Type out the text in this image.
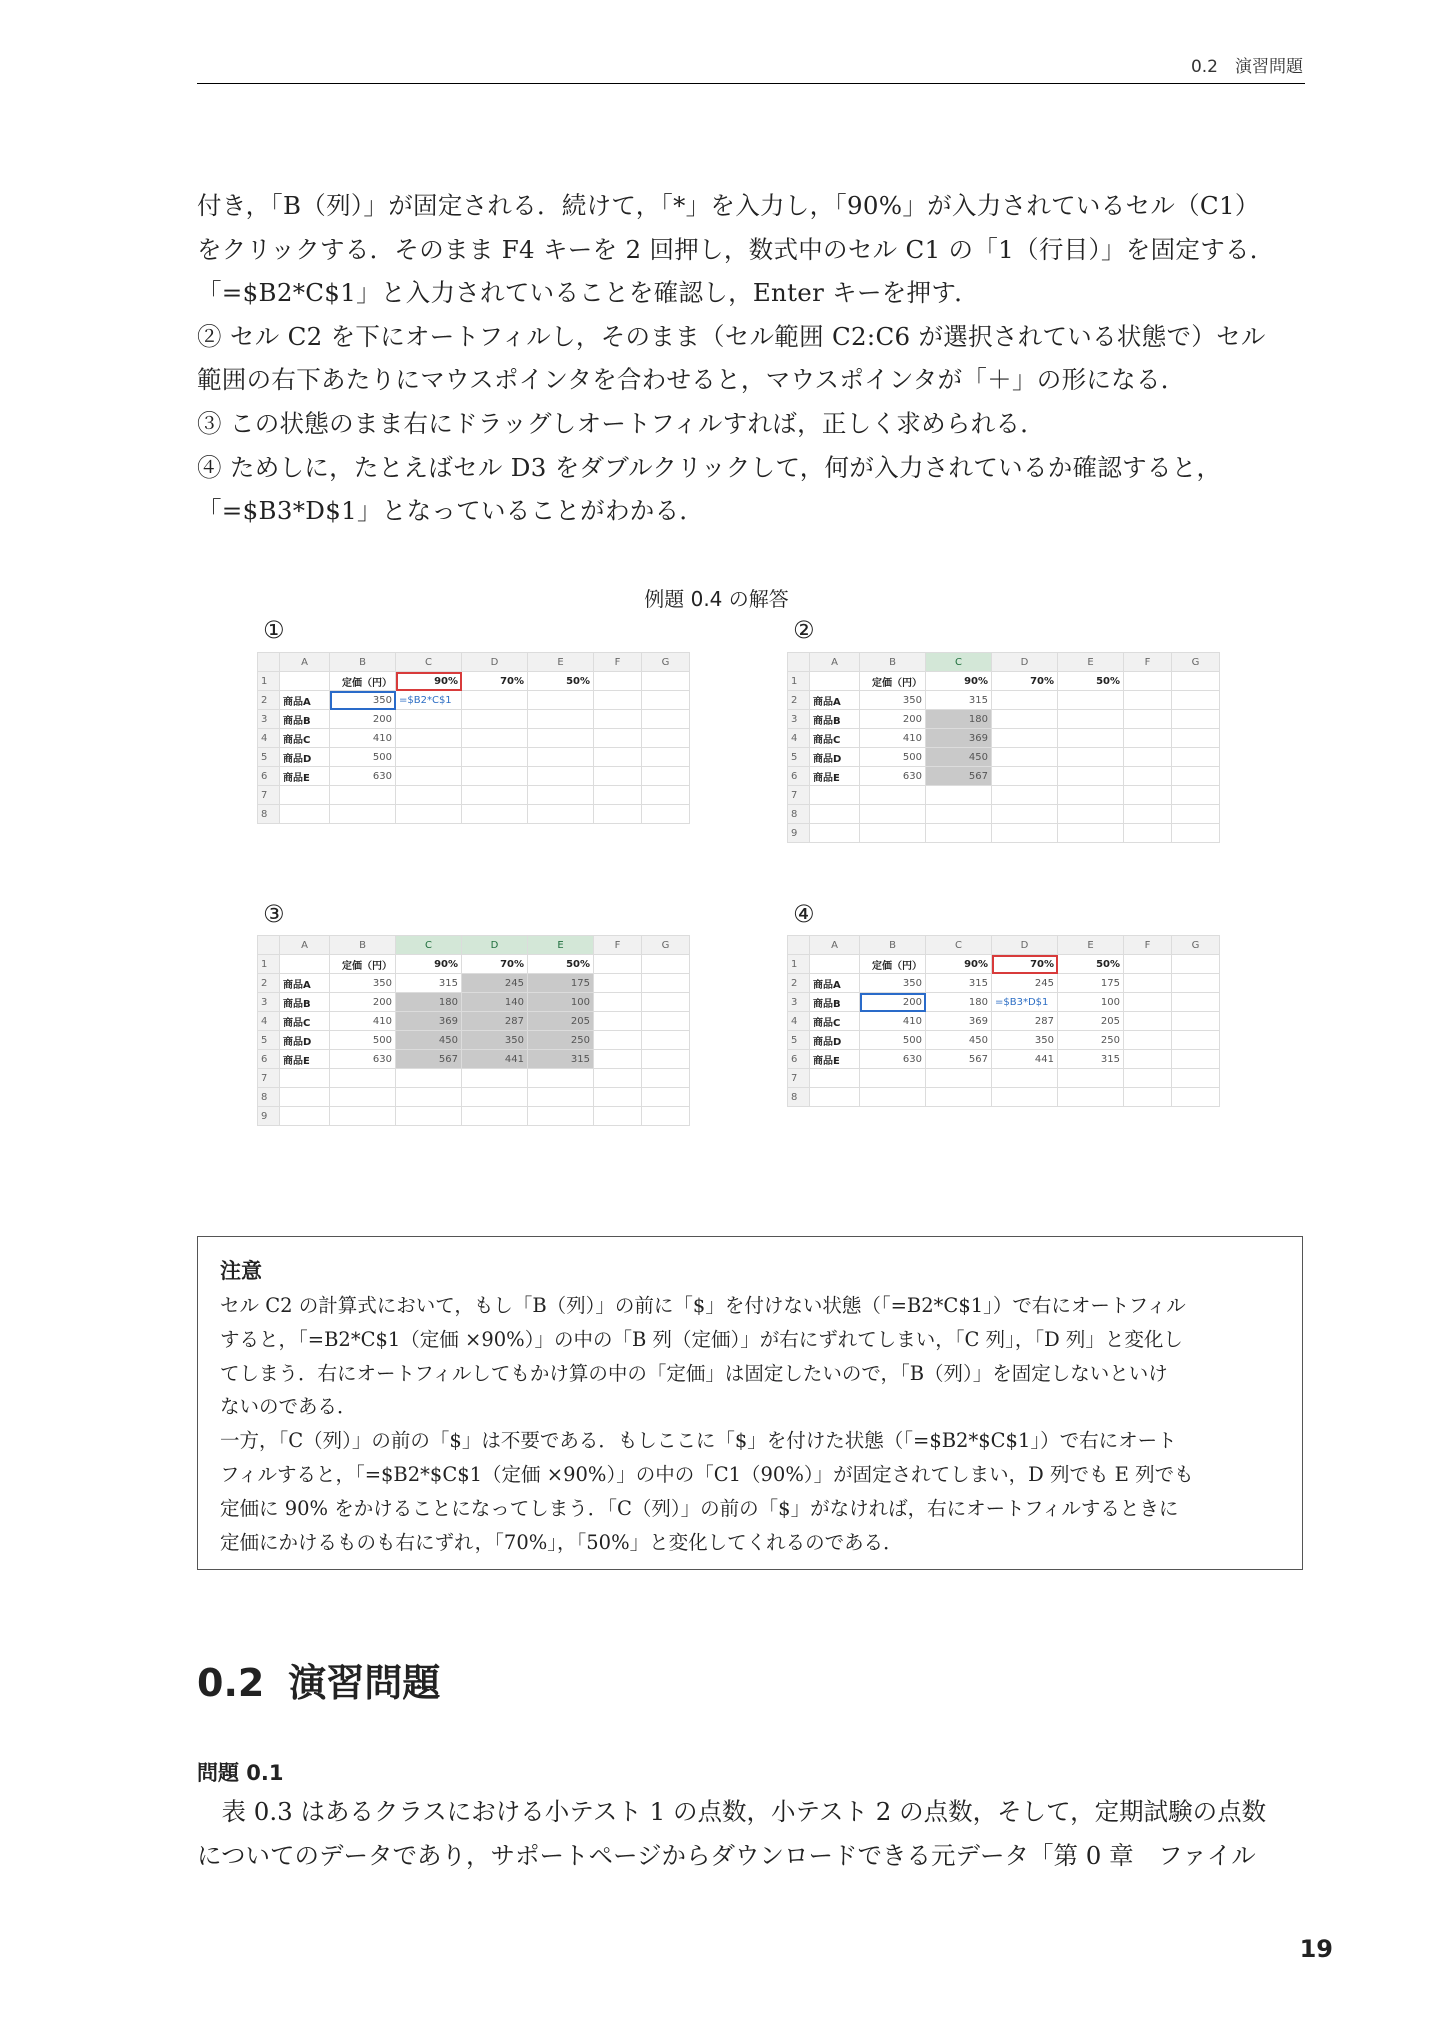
0.2　演習問題

付き，「B（列）」が固定される．続けて，「*」を入力し，「90%」が入力されているセル（C1）

をクリックする．そのまま F4 キーを 2 回押し，数式中のセル C1 の「1（行目）」を固定する．

「=$B2*C$1」と入力されていることを確認し，Enter キーを押す．

② セル C2 を下にオートフィルし，そのまま（セル範囲 C2:C6 が選択されている状態で）セル

範囲の右下あたりにマウスポインタを合わせると，マウスポインタが「＋」の形になる．

③ この状態のまま右にドラッグしオートフィルすれば，正しく求められる．

④ ためしに，たとえばセル D3 をダブルクリックして，何が入力されているか確認すると，

「=$B3*D$1」となっていることがわかる．

例題 0.4 の解答
①	②
③	④
	A	B	C	D	E	F	G
1		定価（円）	90%	70%	50%		
2	商品A	350	=$B2*C$1				
3	商品B	200					
4	商品C	410					
5	商品D	500					
6	商品E	630					
7							
8							
	A	B	C	D	E	F	G
1		定価（円）	90%	70%	50%		
2	商品A	350	315				
3	商品B	200	180				
4	商品C	410	369				
5	商品D	500	450				
6	商品E	630	567				
7							
8							
9							
	A	B	C	D	E	F	G
1		定価（円）	90%	70%	50%		
2	商品A	350	315	245	175		
3	商品B	200	180	140	100		
4	商品C	410	369	287	205		
5	商品D	500	450	350	250		
6	商品E	630	567	441	315		
7							
8							
9							
	A	B	C	D	E	F	G
1		定価（円）	90%	70%	50%		
2	商品A	350	315	245	175		
3	商品B	200	180	=$B3*D$1	100		
4	商品C	410	369	287	205		
5	商品D	500	450	350	250		
6	商品E	630	567	441	315		
7							
8							
注意

セル C2 の計算式において，もし「B（列）」の前に「$」を付けない状態（「=B2*C$1」）で右にオートフィル

すると，「=B2*C$1（定価 ×90%）」の中の「B 列（定価）」が右にずれてしまい，「C 列」，「D 列」と変化し

てしまう．右にオートフィルしてもかけ算の中の「定価」は固定したいので，「B（列）」を固定しないといけ

ないのである．

一方，「C（列）」の前の「$」は不要である．もしここに「$」を付けた状態（「=$B2*$C$1」）で右にオート

フィルすると，「=$B2*$C$1（定価 ×90%）」の中の「C1（90%）」が固定されてしまい，D 列でも E 列でも

定価に 90% をかけることになってしまう．「C（列）」の前の「$」がなければ，右にオートフィルするときに

定価にかけるものも右にずれ，「70%」，「50%」と変化してくれるのである．

0.2 演習問題
問題 0.1

表 0.3 はあるクラスにおける小テスト 1 の点数，小テスト 2 の点数，そして，定期試験の点数

についてのデータであり，サポートページからダウンロードできる元データ「第 0 章　ファイル

19
